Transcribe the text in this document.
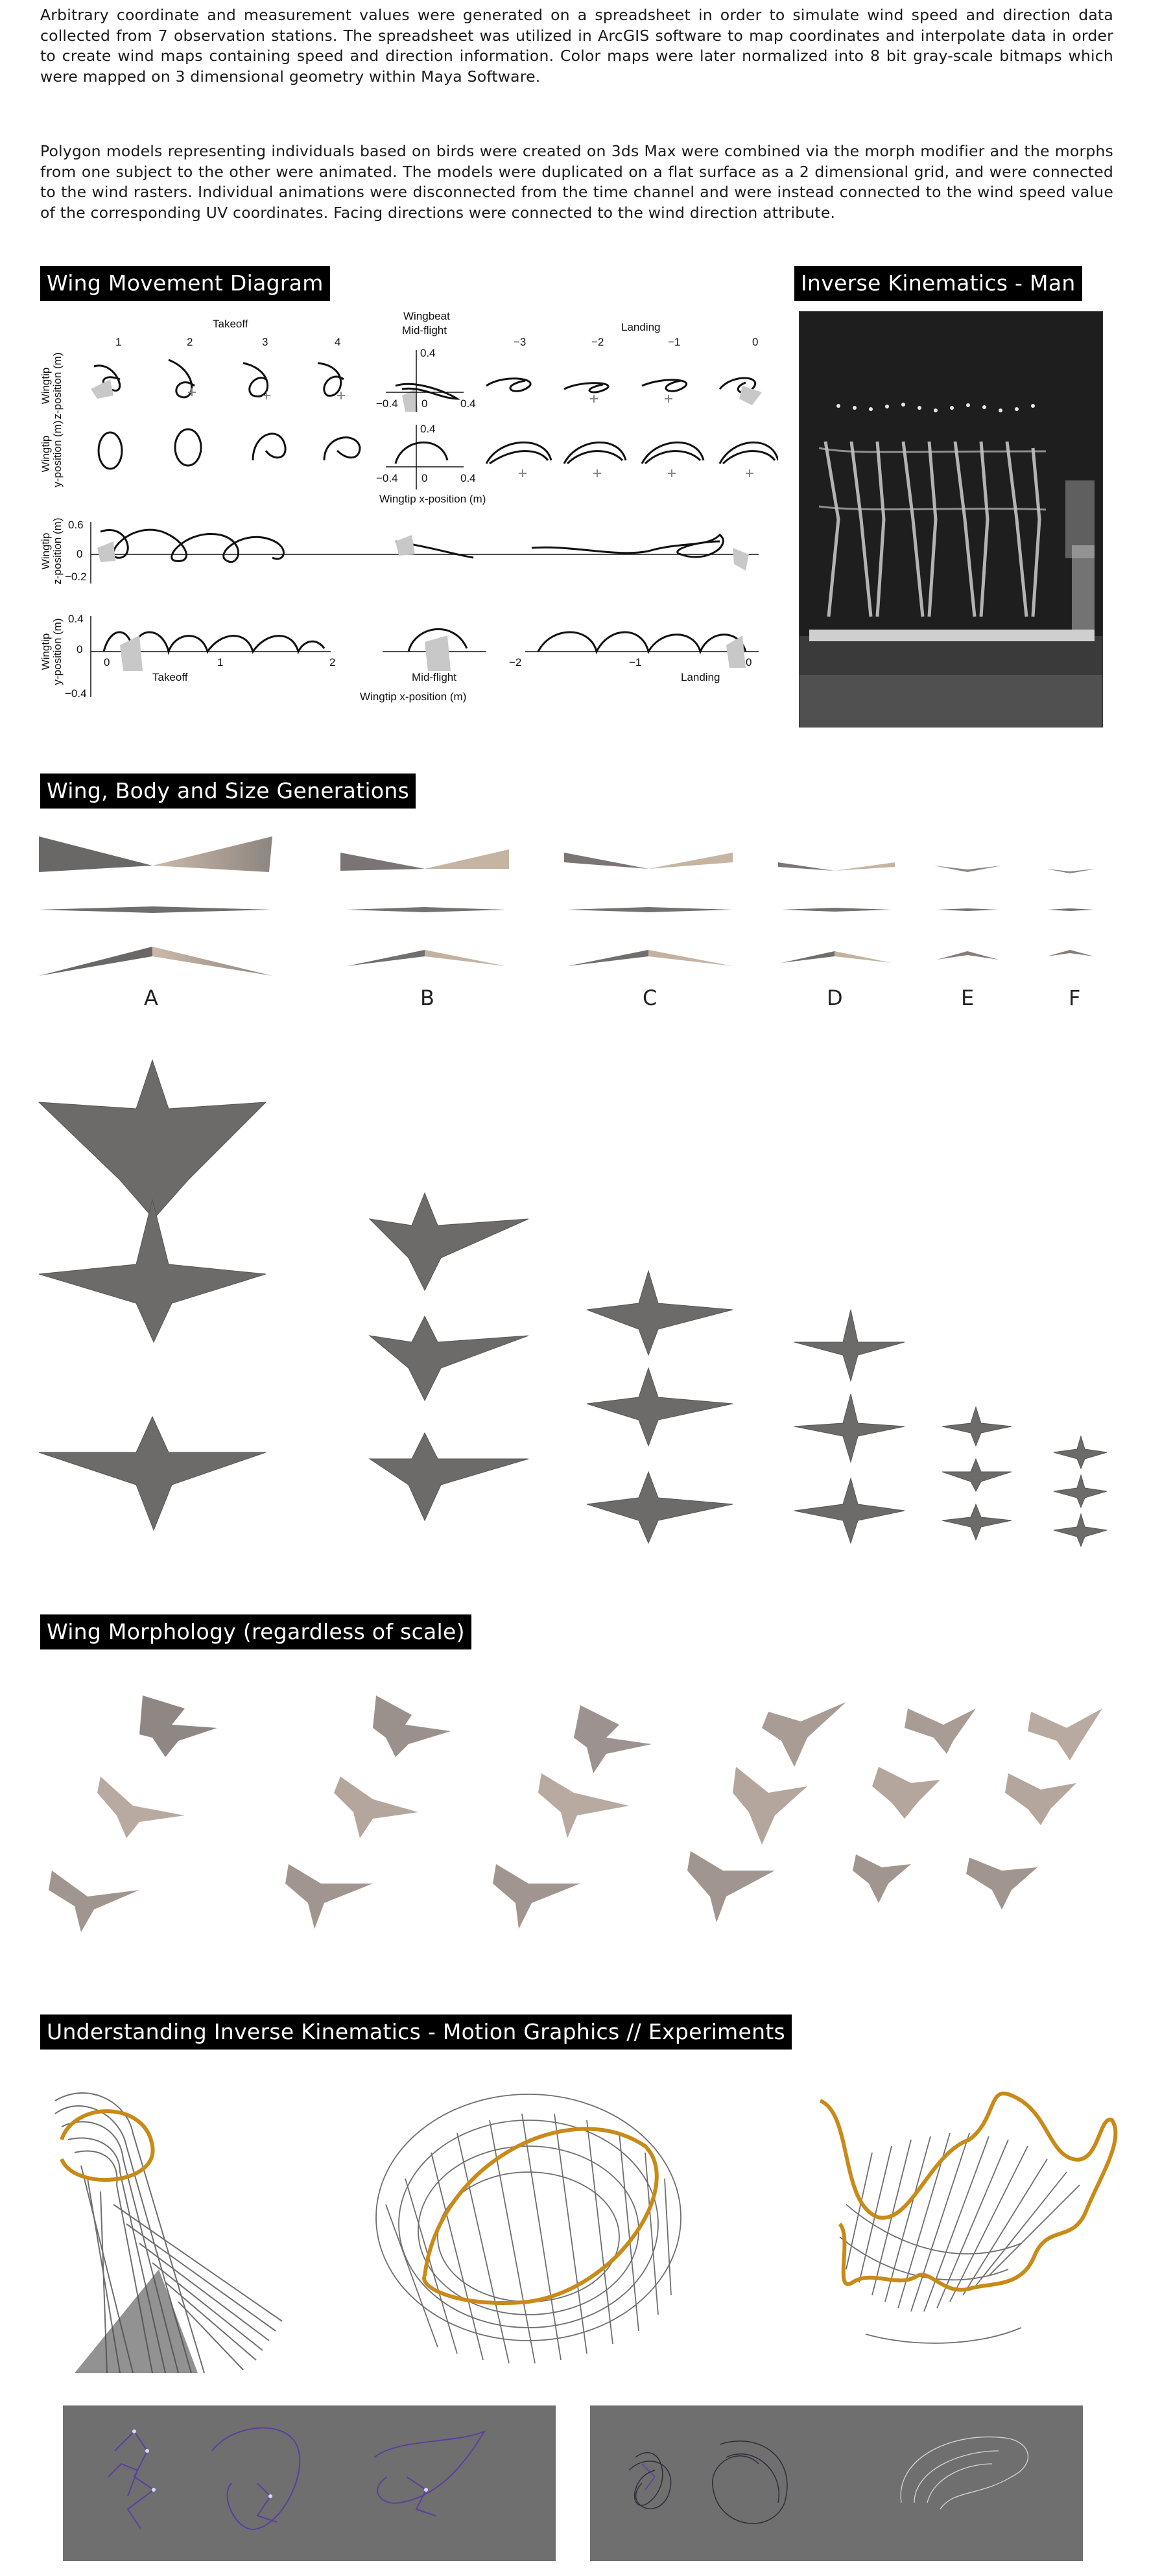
Arbitrary coordinate and measurement values were generated on a spreadsheet in order to simulate wind speed and direction data collected from 7 observation stations. The spreadsheet was utilized in ArcGIS software to map coordinates and interpolate data in order to create wind maps containing speed and direction information. Color maps were later normalized into 8 bit gray-scale bitmaps which were mapped on 3 dimensional geometry within Maya Software.

Polygon models representing individuals based on birds were created on 3ds Max were combined via the morph modifier and the morphs from one subject to the other were animated. The models were duplicated on a flat surface as a 2 dimensional grid, and were connected to the wind rasters. Individual animations were disconnected from the time channel and were instead connected to the wind speed value of the corresponding UV coordinates. Facing directions were connected to the wind direction attribute.

Wing Movement Diagram	Inverse Kinematics - Man
Wing, Body and Size Generations
Wing Morphology (regardless of scale)
Understanding Inverse Kinematics - Motion Graphics // Experiments
Takeoff
Wingbeat
Mid-flight	Landing
1	2	3	4	−3	−2	−1	0
Wingtip z-position (m)
Wingtip y-position (m)
0.4
−0.4 0	0.4
0.4
−0.4 0	0.4
Wingtip x-position (m)
Wingtip z-position (m) 0.6
0
−0.2
Wingtip y-position (m) 0.4
0
−0.4
0	1	2	−2	−1	0
Takeoff	Mid-flight	Landing
Wingtip x-position (m)
A	B	C	D	E	F
